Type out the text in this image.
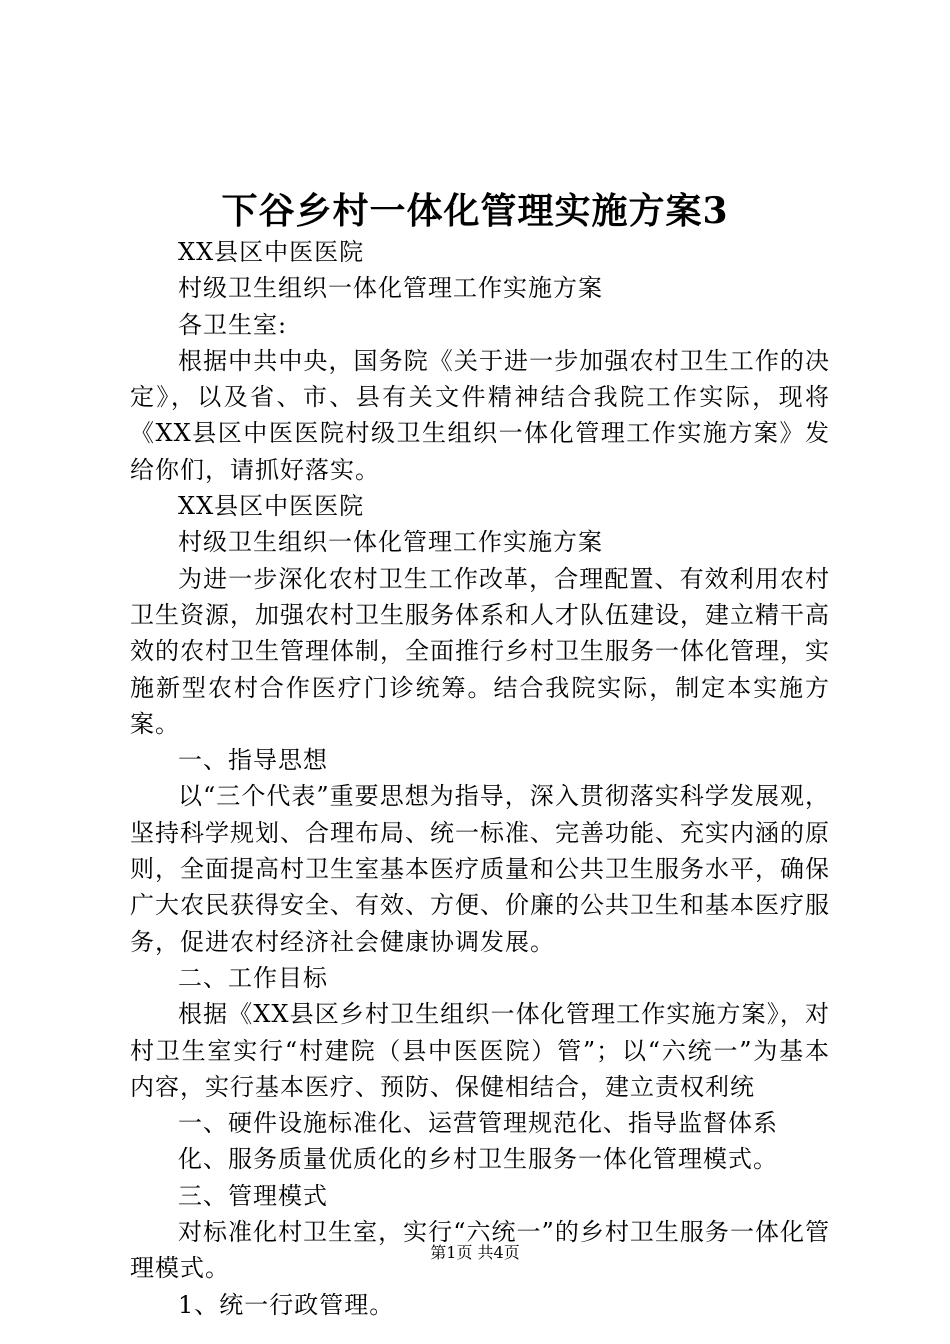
下谷乡村一体化管理实施方案3

XX县区中医医院

村级卫生组织一体化管理工作实施方案

各卫生室:

根据中共中央，国务院《关于进一步加强农村卫生工作的决定》，以及省、市、县有关文件精神结合我院工作实际，现将《XX县区中医医院村级卫生组织一体化管理工作实施方案》发给你们，请抓好落实。

XX县区中医医院

村级卫生组织一体化管理工作实施方案

为进一步深化农村卫生工作改革，合理配置、有效利用农村卫生资源，加强农村卫生服务体系和人才队伍建设，建立精干高效的农村卫生管理体制，全面推行乡村卫生服务一体化管理，实施新型农村合作医疗门诊统筹。结合我院实际，制定本实施方案。

一、指导思想

以“三个代表”重要思想为指导，深入贯彻落实科学发展观，坚持科学规划、合理布局、统一标准、完善功能、充实内涵的原则，全面提高村卫生室基本医疗质量和公共卫生服务水平，确保广大农民获得安全、有效、方便、价廉的公共卫生和基本医疗服务，促进农村经济社会健康协调发展。

二、工作目标

根据《XX县区乡村卫生组织一体化管理工作实施方案》，对村卫生室实行“村建院（县中医医院）管”；以“六统一”为基本内容，实行基本医疗、预防、保健相结合，建立责权利统

一、硬件设施标准化、运营管理规范化、指导监督体系

化、服务质量优质化的乡村卫生服务一体化管理模式。

三、管理模式

对标准化村卫生室，实行“六统一”的乡村卫生服务一体化管理模式。

1、统一行政管理。

第1页 共4页
